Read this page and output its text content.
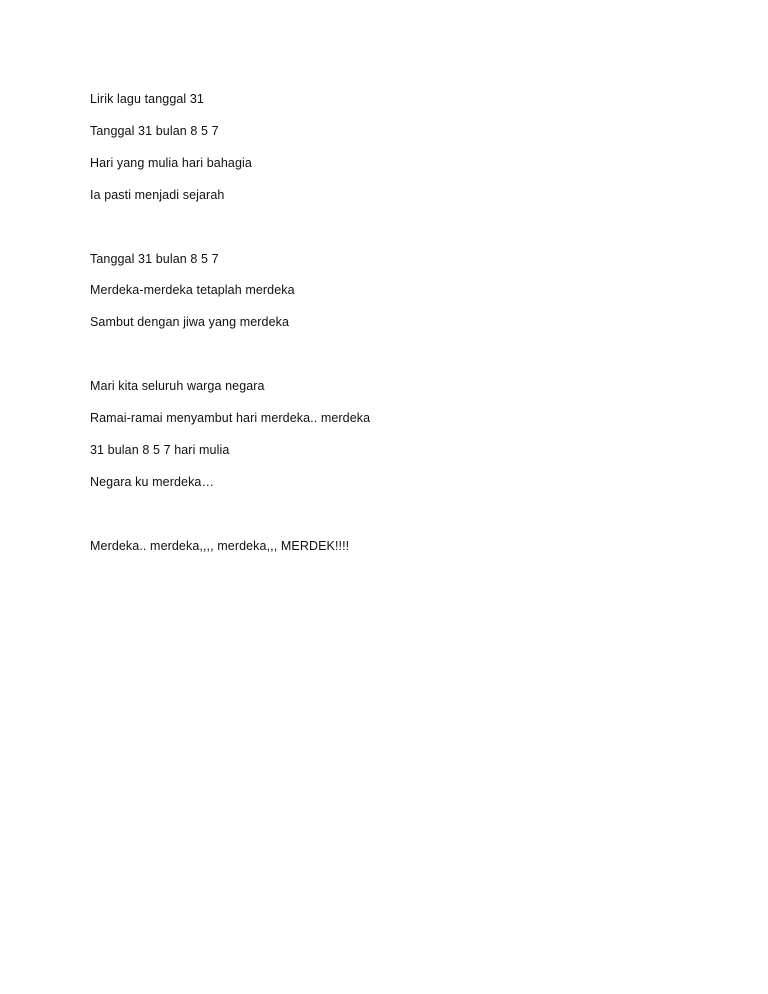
Lirik lagu tanggal 31
Tanggal 31 bulan 8 5 7
Hari yang mulia hari bahagia
Ia pasti menjadi sejarah
Tanggal 31 bulan 8 5 7
Merdeka-merdeka tetaplah merdeka
Sambut dengan jiwa yang merdeka
Mari kita seluruh warga negara
Ramai-ramai menyambut hari merdeka.. merdeka
31 bulan 8 5 7 hari mulia
Negara ku merdeka…
Merdeka.. merdeka,,,, merdeka,,, MERDEK!!!!
